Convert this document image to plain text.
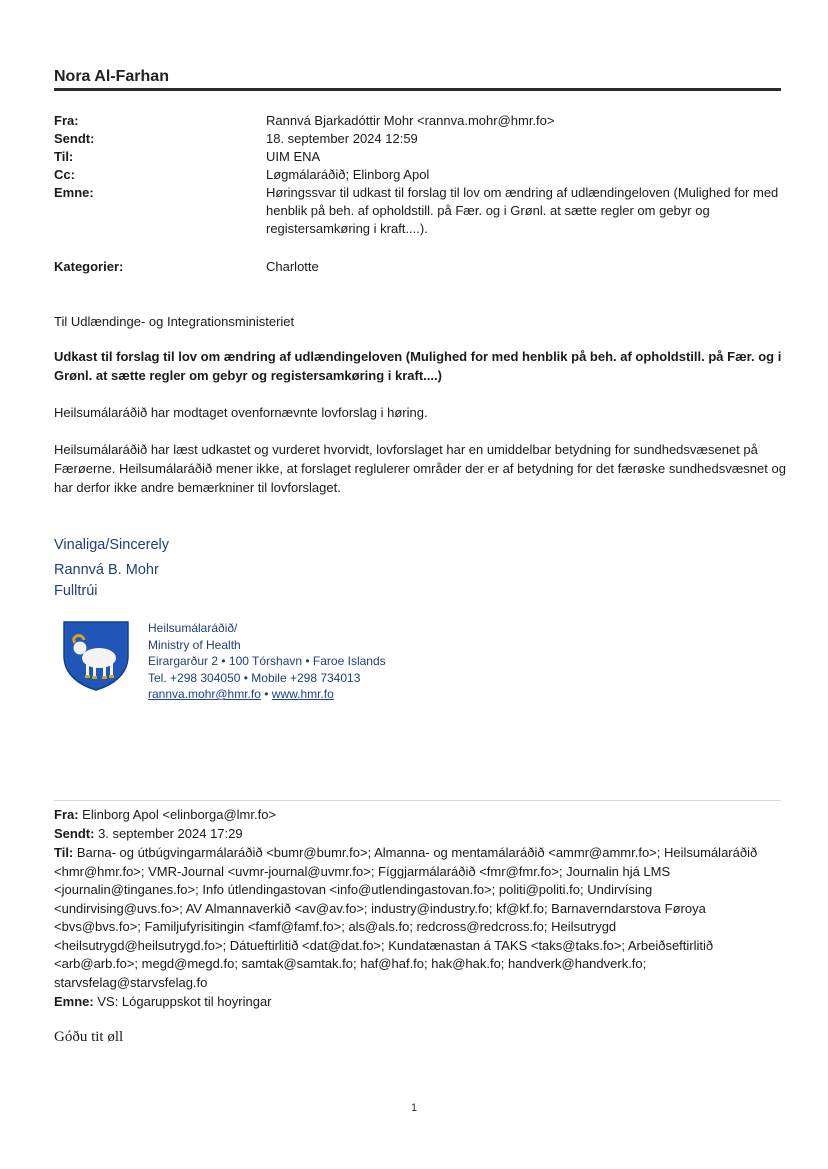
Nora Al-Farhan
Fra:	Rannvá Bjarkadóttir Mohr <rannva.mohr@hmr.fo>
Sendt:	18. september 2024 12:59
Til:	UIM ENA
Cc:	Løgmálaráðið; Elinborg Apol
Emne:	Høringssvar til udkast til forslag til lov om ændring af udlændingeloven (Mulighed for med henblik på beh. af opholdstill. på Fær. og i Grønl. at sætte regler om gebyr og registersamkøring i kraft....).
Kategorier:	Charlotte
Til Udlændinge- og Integrationsministeriet
Udkast til forslag til lov om ændring af udlændingeloven (Mulighed for med henblik på beh. af opholdstill. på Fær. og i Grønl. at sætte regler om gebyr og registersamkøring i kraft....)
Heilsumálaráðið har modtaget ovenfornævnte lovforslag i høring.
Heilsumálaráðið har læst udkastet og vurderet hvorvidt, lovforslaget har en umiddelbar betydning for sundhedsvæsenet på Færøerne. Heilsumálaráðið mener ikke, at forslaget reglulerer områder der er af betydning for det færøske sundhedsvæsnet og har derfor ikke andre bemærkniner til lovforslaget.
Vinaliga/Sincerely
Rannvá B. Mohr
Fulltrúi
Heilsumálaráðið/
Ministry of Health
Eirargarður 2 • 100 Tórshavn • Faroe Islands
Tel. +298 304050 • Mobile +298 734013
rannva.mohr@hmr.fo • www.hmr.fo
Fra: Elinborg Apol <elinborga@lmr.fo>
Sendt: 3. september 2024 17:29
Til: Barna- og útbúgvingarmálaráðið <bumr@bumr.fo>; Almanna- og mentamálaráðið <ammr@ammr.fo>; Heilsumálaráðið <hmr@hmr.fo>; VMR-Journal <uvmr-journal@uvmr.fo>; Fíggjarmálaráðið <fmr@fmr.fo>; Journalin hjá LMS <journalin@tinganes.fo>; Info útlendingastovan <info@utlendingastovan.fo>; politi@politi.fo; Undirvísing <undirvising@uvs.fo>; AV Almannaverkið <av@av.fo>; industry@industry.fo; kf@kf.fo; Barnaverndarstova Føroya <bvs@bvs.fo>; Familjufyrisitingin <famf@famf.fo>; als@als.fo; redcross@redcross.fo; Heilsutrygd <heilsutrygd@heilsutrygd.fo>; Dátueftirlitið <dat@dat.fo>; Kundatænastan á TAKS <taks@taks.fo>; Arbeiðseftirlitið <arb@arb.fo>; megd@megd.fo; samtak@samtak.fo; haf@haf.fo; hak@hak.fo; handverk@handverk.fo; starvsfelag@starvsfelag.fo
Emne: VS: Lógaruppskot til hoyringar
Góðu tit øll
1
